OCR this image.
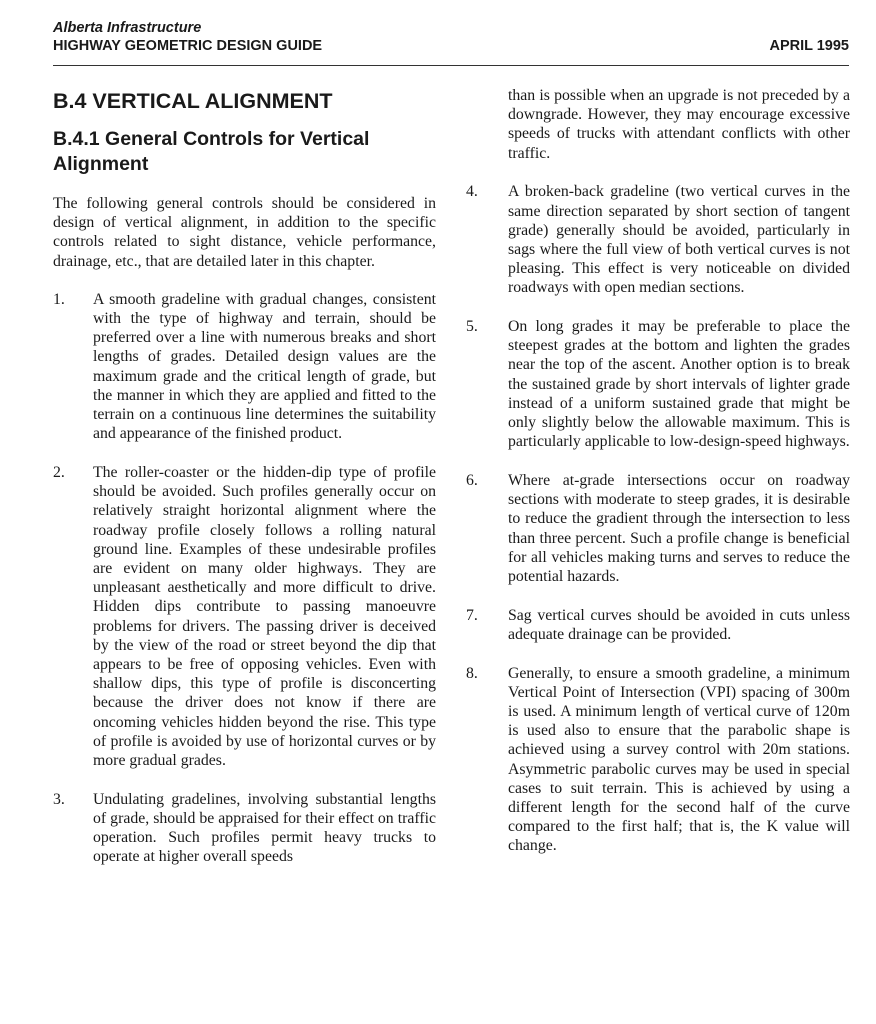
Alberta Infrastructure
HIGHWAY GEOMETRIC DESIGN GUIDE	APRIL 1995
B.4 VERTICAL ALIGNMENT
B.4.1 General Controls for Vertical Alignment

The following general controls should be considered in design of vertical alignment, in addition to the specific controls related to sight distance, vehicle performance, drainage, etc., that are detailed later in this chapter.

1. A smooth gradeline with gradual changes, consistent with the type of highway and terrain, should be preferred over a line with numerous breaks and short lengths of grades. Detailed design values are the maximum grade and the critical length of grade, but the manner in which they are applied and fitted to the terrain on a continuous line determines the suitability and appearance of the finished product.
2. The roller-coaster or the hidden-dip type of profile should be avoided. Such profiles generally occur on relatively straight horizontal alignment where the roadway profile closely follows a rolling natural ground line. Examples of these undesirable profiles are evident on many older highways. They are unpleasant aesthetically and more difficult to drive. Hidden dips contribute to passing manoeuvre problems for drivers. The passing driver is deceived by the view of the road or street beyond the dip that appears to be free of opposing vehicles. Even with shallow dips, this type of profile is disconcerting because the driver does not know if there are oncoming vehicles hidden beyond the rise. This type of profile is avoided by use of horizontal curves or by more gradual grades.
3. Undulating gradelines, involving substantial lengths of grade, should be appraised for their effect on traffic operation. Such profiles permit heavy trucks to operate at higher overall speeds
than is possible when an upgrade is not preceded by a downgrade. However, they may encourage excessive speeds of trucks with attendant conflicts with other traffic.
4. A broken-back gradeline (two vertical curves in the same direction separated by short section of tangent grade) generally should be avoided, particularly in sags where the full view of both vertical curves is not pleasing. This effect is very noticeable on divided roadways with open median sections.
5. On long grades it may be preferable to place the steepest grades at the bottom and lighten the grades near the top of the ascent. Another option is to break the sustained grade by short intervals of lighter grade instead of a uniform sustained grade that might be only slightly below the allowable maximum. This is particularly applicable to low-design-speed highways.
6. Where at-grade intersections occur on roadway sections with moderate to steep grades, it is desirable to reduce the gradient through the intersection to less than three percent. Such a profile change is beneficial for all vehicles making turns and serves to reduce the potential hazards.
7. Sag vertical curves should be avoided in cuts unless adequate drainage can be provided.
8. Generally, to ensure a smooth gradeline, a minimum Vertical Point of Intersection (VPI) spacing of 300m is used. A minimum length of vertical curve of 120m is used also to ensure that the parabolic shape is achieved using a survey control with 20m stations. Asymmetric parabolic curves may be used in special cases to suit terrain. This is achieved by using a different length for the second half of the curve compared to the first half; that is, the K value will change.
